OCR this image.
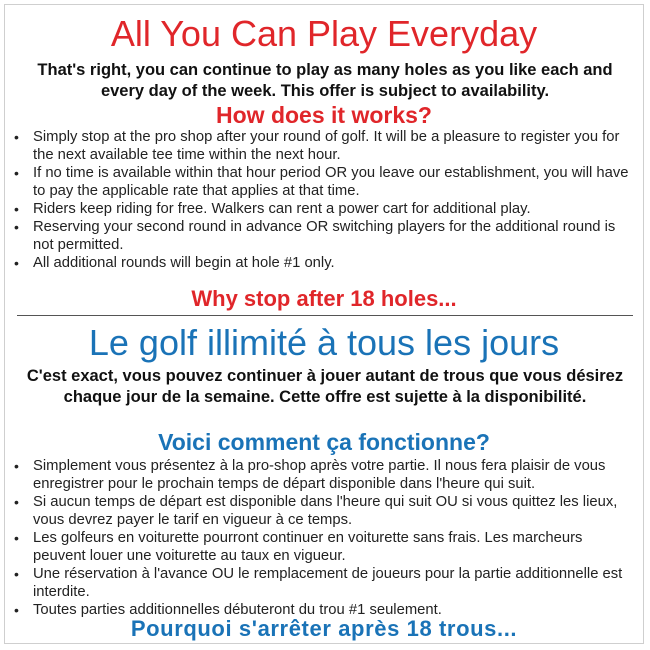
All You Can Play Everyday
That's right, you can continue to play as many holes as you like each and every day of the week. This offer is subject to availability.
How does it works?
• Simply stop at the pro shop after your round of golf. It will be a pleasure to register you for the next available tee time within the next hour.
• If no time is available within that hour period OR you leave our establishment, you will have to pay the applicable rate that applies at that time.
• Riders keep riding for free. Walkers can rent a power cart for additional play.
• Reserving your second round in advance OR switching players for the additional round is not permitted.
• All additional rounds will begin at hole #1 only.
Why stop after 18 holes...
Le golf illimité à tous les jours
C'est exact, vous pouvez continuer à jouer autant de trous que vous désirez chaque jour de la semaine. Cette offre est sujette à la disponibilité.
Voici comment ça fonctionne?
• Simplement vous présentez à la pro-shop après votre partie. Il nous fera plaisir de vous enregistrer pour le prochain temps de départ disponible dans l'heure qui suit.
• Si aucun temps de départ est disponible dans l'heure qui suit OU si vous quittez les lieux, vous devrez payer le tarif en vigueur à ce temps.
• Les golfeurs en voiturette pourront continuer en voiturette sans frais. Les marcheurs peuvent louer une voiturette au taux en vigueur.
• Une réservation à l'avance OU le remplacement de joueurs pour la partie additionnelle est interdite.
• Toutes parties additionnelles débuteront du trou #1 seulement.
Pourquoi s'arrêter après 18 trous...
